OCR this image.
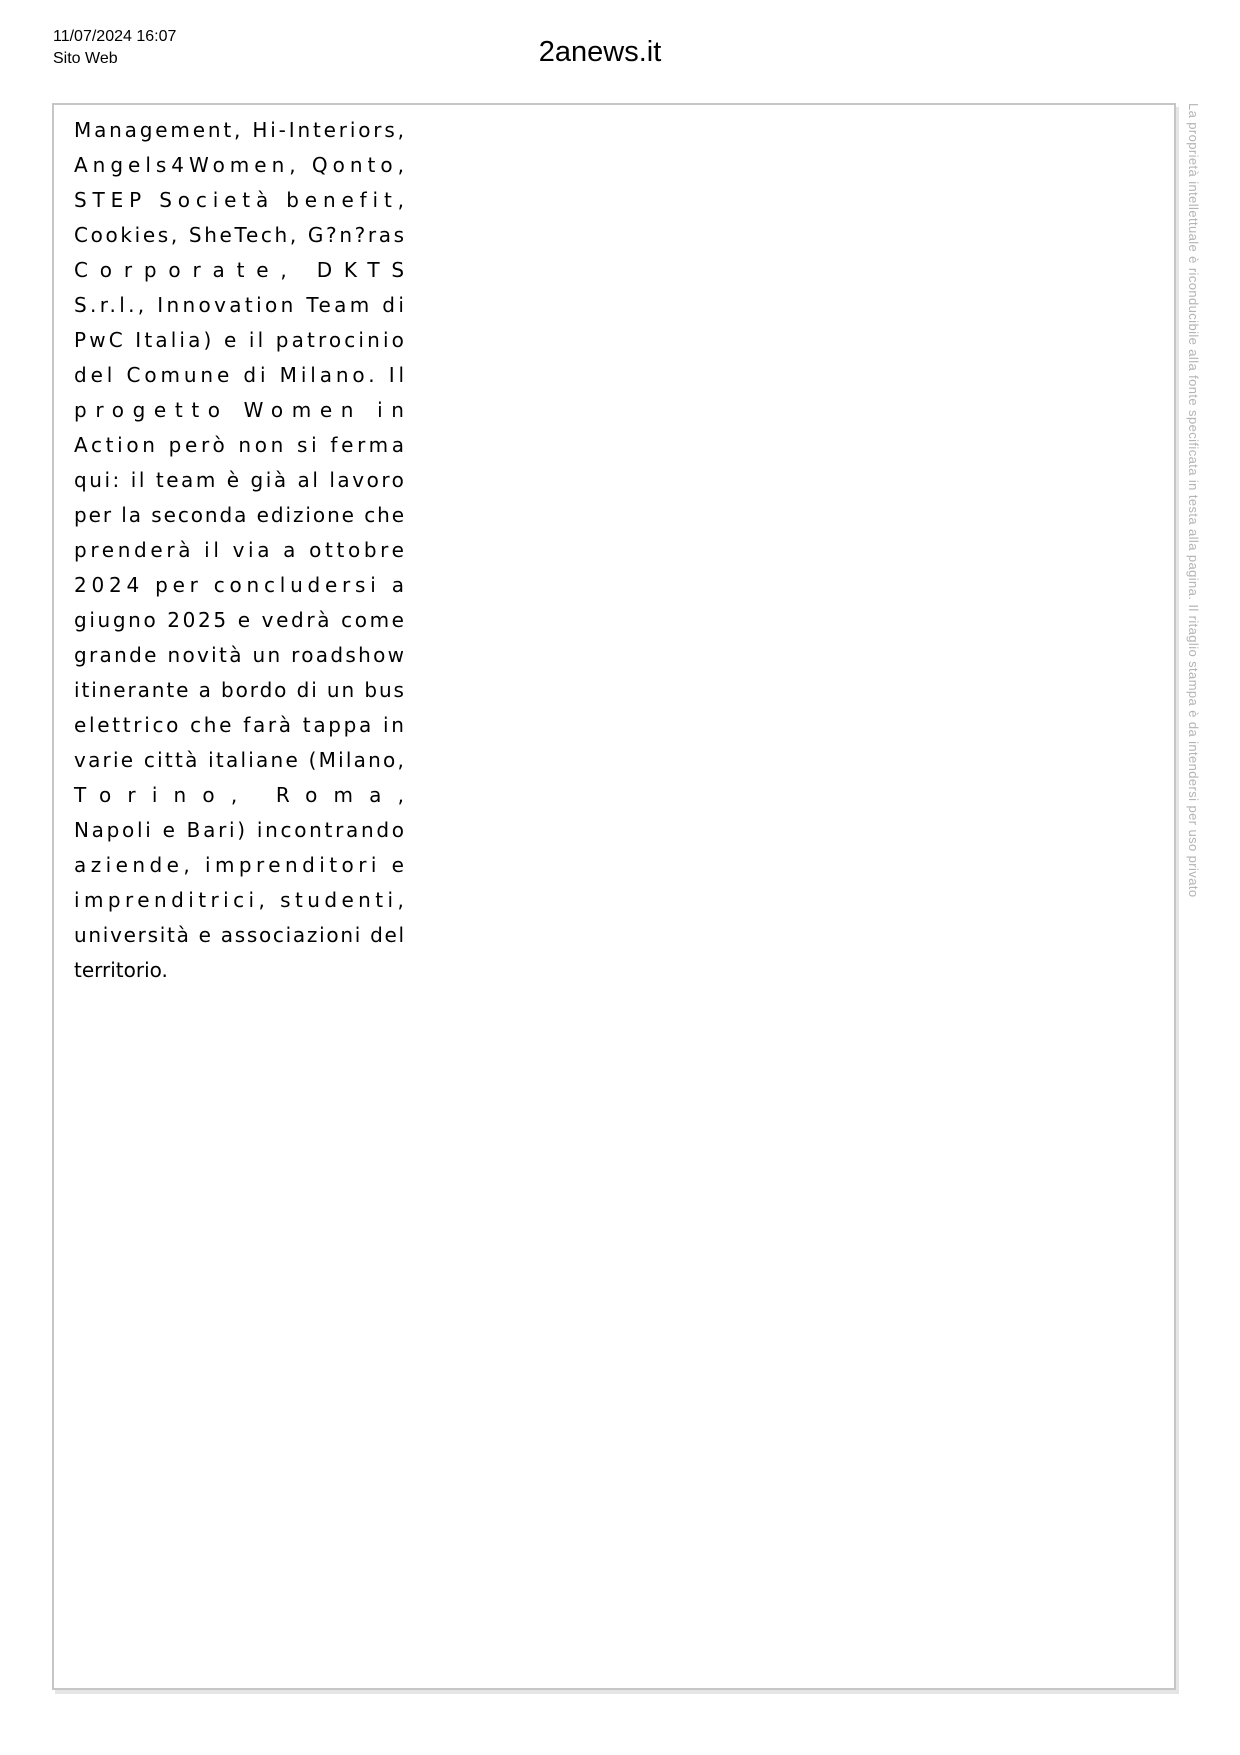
11/07/2024 16:07
Sito Web	2anews.it
Management, Hi-Interiors,
Angels4Women, Qonto,
STEP Società benefit,
Cookies, SheTech, G?n?ras
Corporate, DKTS
S.r.l., Innovation Team di
PwC Italia) e il patrocinio
del Comune di Milano. Il
progetto Women in
Action però non si ferma
qui: il team è già al lavoro
per la seconda edizione che
prenderà il via a ottobre
2024 per concludersi a
giugno 2025 e vedrà come
grande novità un roadshow
itinerante a bordo di un bus
elettrico che farà tappa in
varie città italiane (Milano,
Torino, Roma,
Napoli e Bari) incontrando
aziende, imprenditori e
imprenditrici, studenti,
università e associazioni del
territorio.
La proprietà intellettuale è riconducibile alla fonte specificata in testa alla pagina. Il ritaglio stampa è da intendersi per uso privato
